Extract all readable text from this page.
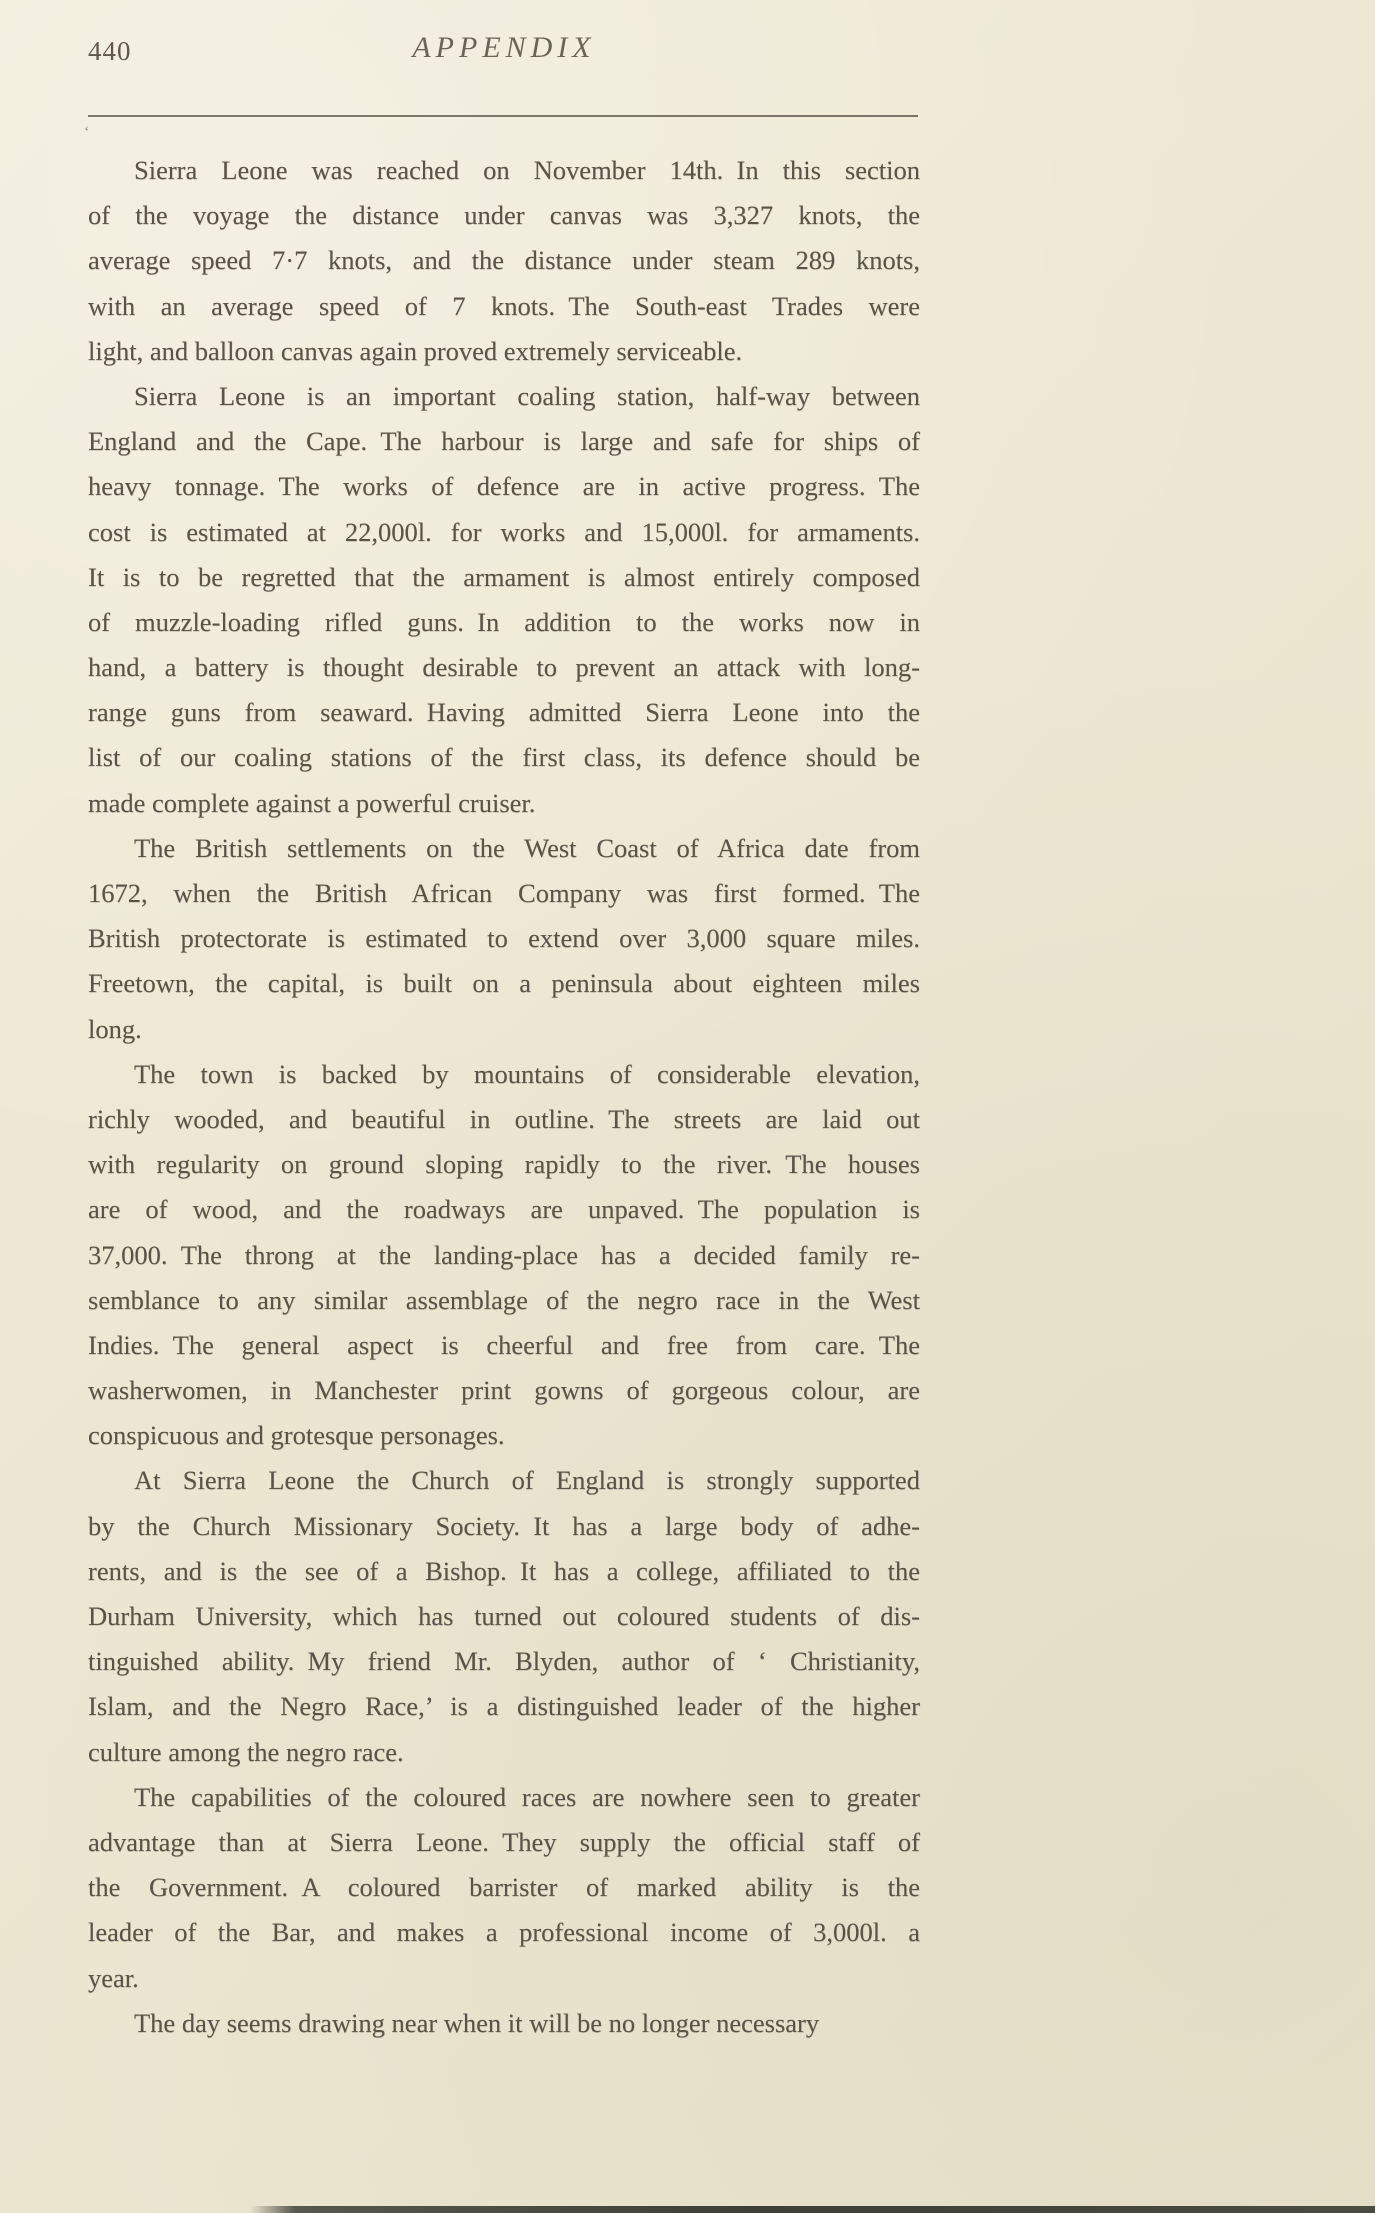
440	APPENDIX
‘
Sierra Leone was reached on November 14th. In this section
of the voyage the distance under canvas was 3,327 knots, the
average speed 7·7 knots, and the distance under steam 289 knots,
with an average speed of 7 knots. The South-east Trades were
light, and balloon canvas again proved extremely serviceable.
Sierra Leone is an important coaling station, half-way between
England and the Cape. The harbour is large and safe for ships of
heavy tonnage. The works of defence are in active progress. The
cost is estimated at 22,000l. for works and 15,000l. for armaments.
It is to be regretted that the armament is almost entirely composed
of muzzle-loading rifled guns. In addition to the works now in
hand, a battery is thought desirable to prevent an attack with long-
range guns from seaward. Having admitted Sierra Leone into the
list of our coaling stations of the first class, its defence should be
made complete against a powerful cruiser.
The British settlements on the West Coast of Africa date from
1672, when the British African Company was first formed. The
British protectorate is estimated to extend over 3,000 square miles.
Freetown, the capital, is built on a peninsula about eighteen miles
long.
The town is backed by mountains of considerable elevation,
richly wooded, and beautiful in outline. The streets are laid out
with regularity on ground sloping rapidly to the river. The houses
are of wood, and the roadways are unpaved. The population is
37,000. The throng at the landing-place has a decided family re-
semblance to any similar assemblage of the negro race in the West
Indies. The general aspect is cheerful and free from care. The
washerwomen, in Manchester print gowns of gorgeous colour, are
conspicuous and grotesque personages.
At Sierra Leone the Church of England is strongly supported
by the Church Missionary Society. It has a large body of adhe-
rents, and is the see of a Bishop. It has a college, affiliated to the
Durham University, which has turned out coloured students of dis-
tinguished ability. My friend Mr. Blyden, author of ‘ Christianity,
Islam, and the Negro Race,’ is a distinguished leader of the higher
culture among the negro race.
The capabilities of the coloured races are nowhere seen to greater
advantage than at Sierra Leone. They supply the official staff of
the Government. A coloured barrister of marked ability is the
leader of the Bar, and makes a professional income of 3,000l. a
year.
The day seems drawing near when it will be no longer necessary
